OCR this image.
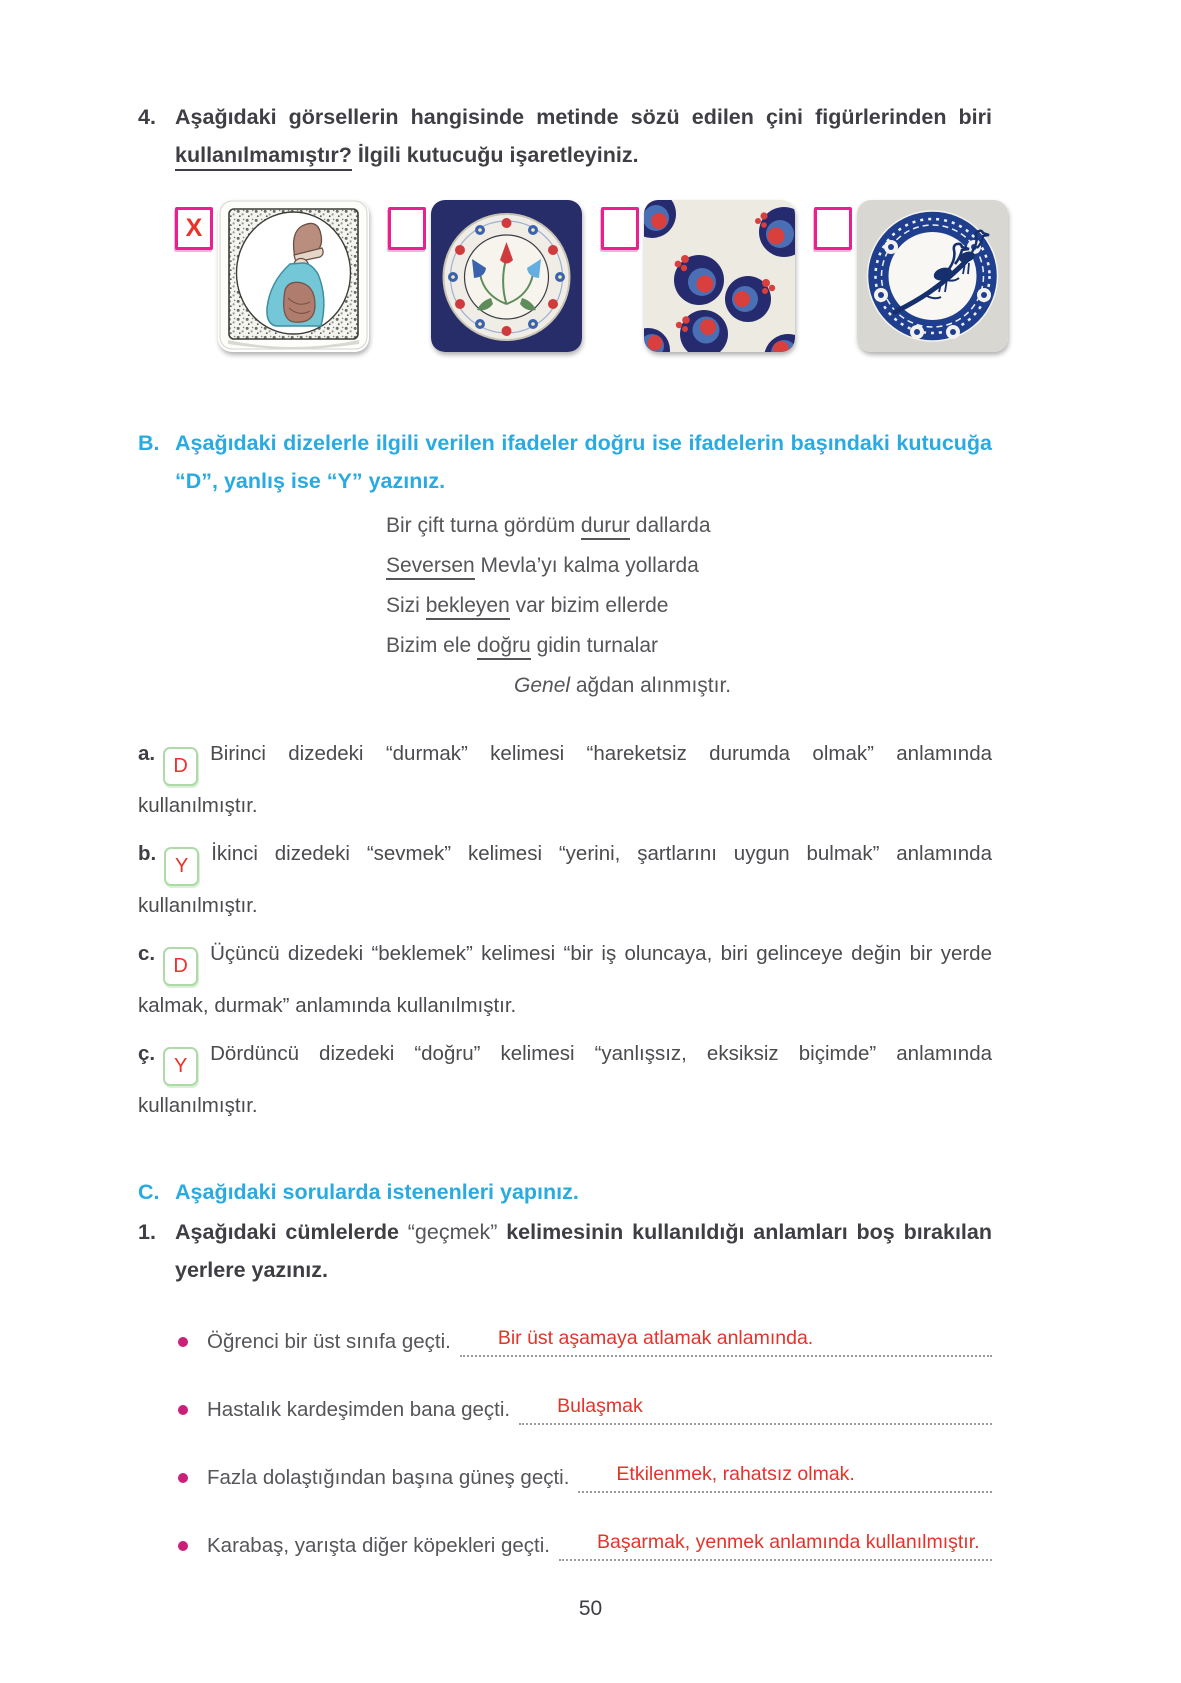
4. Aşağıdaki görsellerin hangisinde metinde sözü edilen çini figürlerinden biri kullanılmamıştır? İlgili kutucuğu işaretleyiniz.
X
B. Aşağıdaki dizelerle ilgili verilen ifadeler doğru ise ifadelerin başındaki kutucuğa “D”, yanlış ise “Y” yazınız.
Bir çift turna gördüm durur dallarda
Seversen Mevla’yı kalma yollarda
Sizi bekleyen var bizim ellerde
Bizim ele doğru gidin turnalar
Genel ağdan alınmıştır.

a.DBirinci dizedeki “durmak” kelimesi “hareketsiz durumda olmak” anlamında kullanılmıştır.

b.Yİkinci dizedeki “sevmek” kelimesi “yerini, şartlarını uygun bulmak” anlamında kullanılmıştır.

c.DÜçüncü dizedeki “beklemek” kelimesi “bir iş oluncaya, biri gelinceye değin bir yerde kalmak, durmak” anlamında kullanılmıştır.

ç.YDördüncü dizedeki “doğru” kelimesi “yanlışsız, eksiksiz biçimde” anlamında kullanılmıştır.

C. Aşağıdaki sorularda istenenleri yapınız.
1. Aşağıdaki cümlelerde “geçmek” kelimesinin kullanıldığı anlamları boş bırakılan yerlere yazınız.
Öğrenci bir üst sınıfa geçti. Bir üst aşamaya atlamak anlamında.
Hastalık kardeşimden bana geçti. Bulaşmak
Fazla dolaştığından başına güneş geçti. Etkilenmek, rahatsız olmak.
Karabaş, yarışta diğer köpekleri geçti. Başarmak, yenmek anlamında kullanılmıştır.
50
